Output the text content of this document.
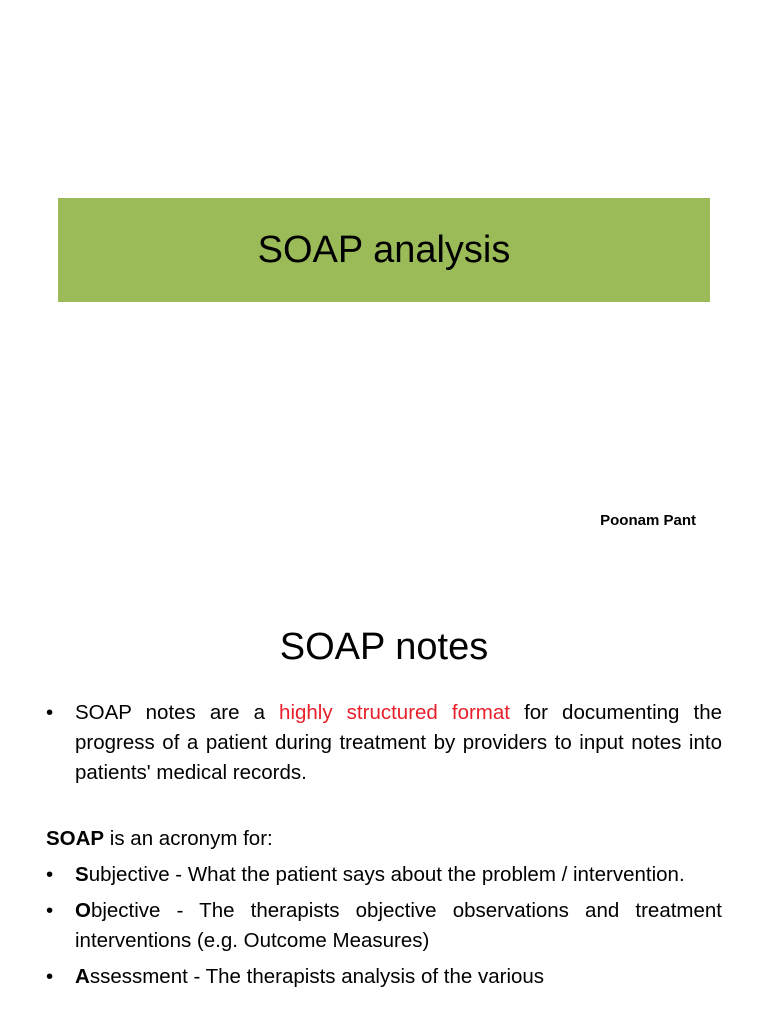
SOAP analysis
Poonam Pant
SOAP notes
• SOAP notes are a highly structured format for documenting the progress of a patient during treatment by providers to input notes into patients' medical records.
SOAP is an acronym for:
• Subjective - What the patient says about the problem / intervention.
• Objective - The therapists objective observations and treatment interventions (e.g. Outcome Measures)
• Assessment - The therapists analysis of the various
